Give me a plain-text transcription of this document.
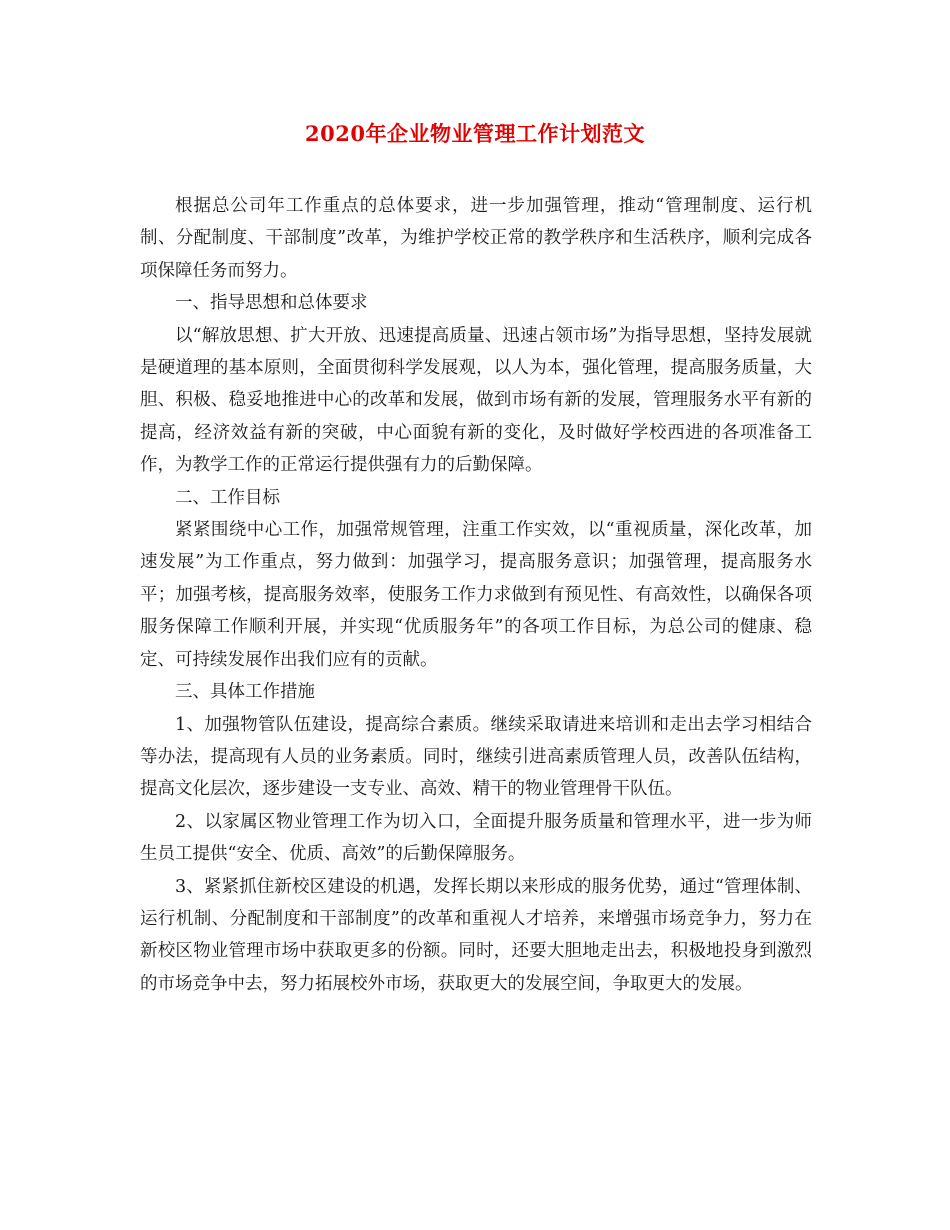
2020年企业物业管理工作计划范文

根据总公司年工作重点的总体要求，进一步加强管理，推动“管理制度、运行机制、分配制度、干部制度”改革，为维护学校正常的教学秩序和生活秩序，顺利完成各项保障任务而努力。

一、指导思想和总体要求

以“解放思想、扩大开放、迅速提高质量、迅速占领市场”为指导思想，坚持发展就是硬道理的基本原则，全面贯彻科学发展观，以人为本，强化管理，提高服务质量，大胆、积极、稳妥地推进中心的改革和发展，做到市场有新的发展，管理服务水平有新的提高，经济效益有新的突破，中心面貌有新的变化，及时做好学校西进的各项准备工作，为教学工作的正常运行提供强有力的后勤保障。

二、工作目标

紧紧围绕中心工作，加强常规管理，注重工作实效，以“重视质量，深化改革，加速发展”为工作重点，努力做到：加强学习，提高服务意识；加强管理，提高服务水平；加强考核，提高服务效率，使服务工作力求做到有预见性、有高效性，以确保各项服务保障工作顺利开展，并实现“优质服务年”的各项工作目标，为总公司的健康、稳定、可持续发展作出我们应有的贡献。

三、具体工作措施

1、加强物管队伍建设，提高综合素质。继续采取请进来培训和走出去学习相结合等办法，提高现有人员的业务素质。同时，继续引进高素质管理人员，改善队伍结构，提高文化层次，逐步建设一支专业、高效、精干的物业管理骨干队伍。

2、以家属区物业管理工作为切入口，全面提升服务质量和管理水平，进一步为师生员工提供“安全、优质、高效”的后勤保障服务。

3、紧紧抓住新校区建设的机遇，发挥长期以来形成的服务优势，通过“管理体制、运行机制、分配制度和干部制度”的改革和重视人才培养，来增强市场竞争力，努力在新校区物业管理市场中获取更多的份额。同时，还要大胆地走出去，积极地投身到激烈的市场竞争中去，努力拓展校外市场，获取更大的发展空间，争取更大的发展。
